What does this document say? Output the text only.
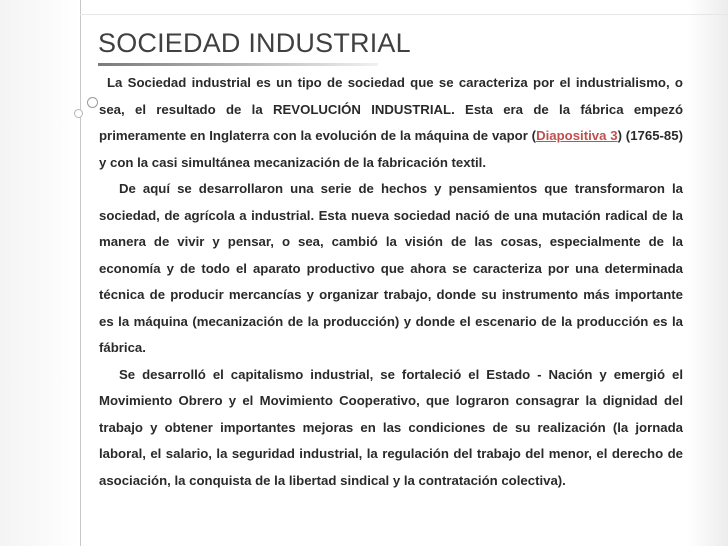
SOCIEDAD INDUSTRIAL

La Sociedad industrial es un tipo de sociedad que se caracteriza por el industrialismo, o sea, el resultado de la REVOLUCIÓN INDUSTRIAL. Esta era de la fábrica empezó primeramente en Inglaterra con la evolución de la máquina de vapor (Diapositiva 3) (1765-85) y con la casi simultánea mecanización de la fabricación textil.

De aquí se desarrollaron una serie de hechos y pensamientos que transformaron la sociedad, de agrícola a industrial. Esta nueva sociedad nació de una mutación radical de la manera de vivir y pensar, o sea, cambió la visión de las cosas, especialmente de la economía y de todo el aparato productivo que ahora se caracteriza por una determinada técnica de producir mercancías y organizar trabajo, donde su instrumento más importante es la máquina (mecanización de la producción) y donde el escenario de la producción es la fábrica.

Se desarrolló el capitalismo industrial, se fortaleció el Estado - Nación y emergió el Movimiento Obrero y el Movimiento Cooperativo, que lograron consagrar la dignidad del trabajo y obtener importantes mejoras en las condiciones de su realización (la jornada laboral, el salario, la seguridad industrial, la regulación del trabajo del menor, el derecho de asociación, la conquista de la libertad sindical y la contratación colectiva).
